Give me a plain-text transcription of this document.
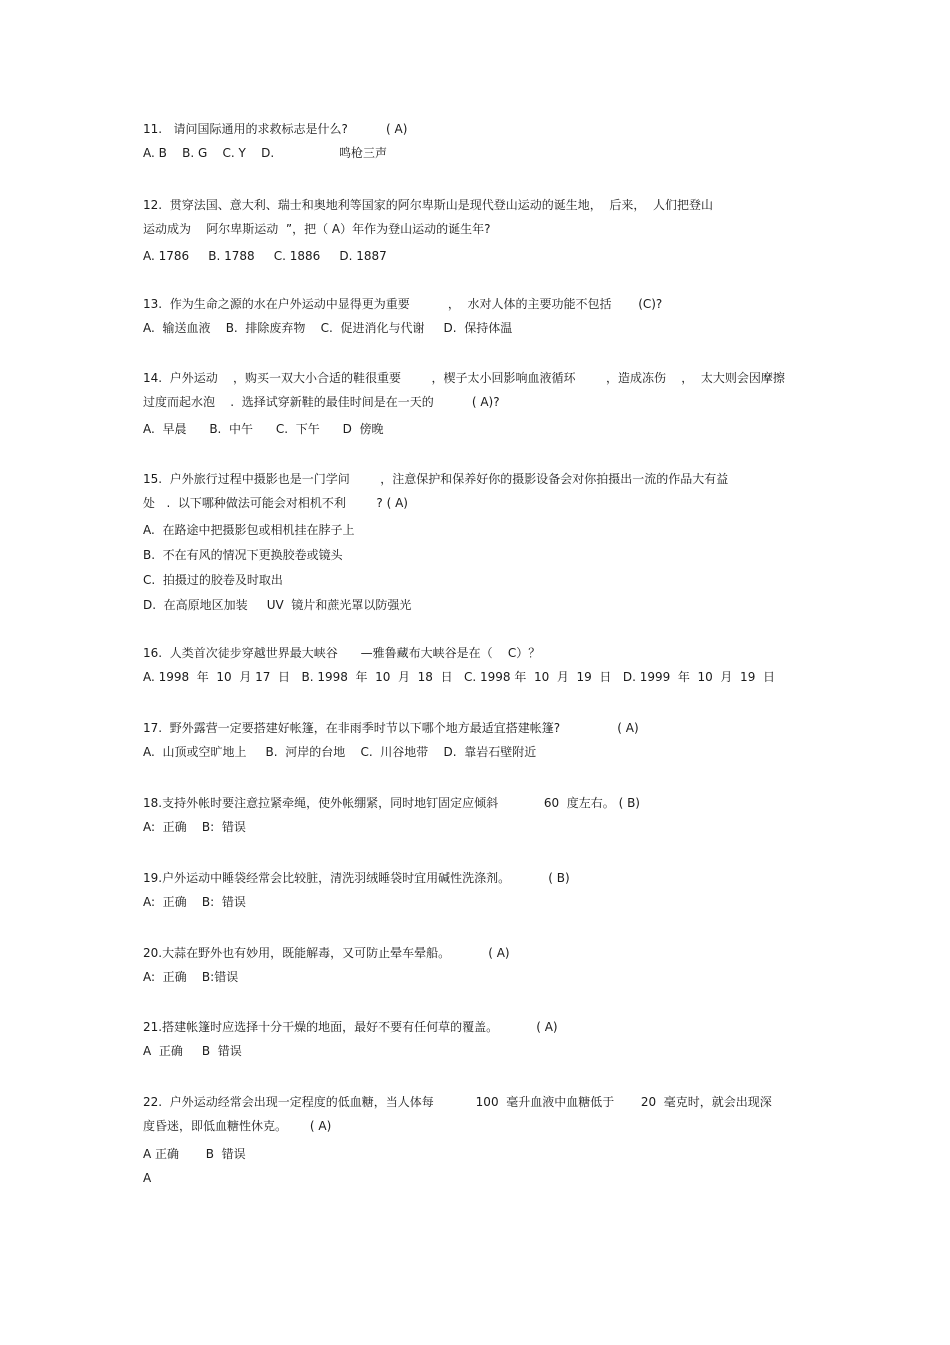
11.   请问国际通用的求救标志是什么?          ( A)
A. B    B. G    C. Y    D.                 鸣枪三声
12.  贯穿法国、意大利、瑞士和奥地利等国家的阿尔卑斯山是现代登山运动的诞生地，  后来，  人们把登山
运动成为    阿尔卑斯运动  ”，把（ A）年作为登山运动的诞生年?
A. 1786     B. 1788     C. 1886     D. 1887
13.  作为生命之源的水在户外运动中显得更为重要          ，  水对人体的主要功能不包括       (C)?
A.  输送血液    B.  排除废弃物    C.  促进消化与代谢     D.  保持体温
14.  户外运动    ，购买一双大小合适的鞋很重要        ，楔子太小回影响血液循环        ，造成冻伤    ，  太大则会因摩擦
过度而起水泡    .  选择试穿新鞋的最佳时间是在一天的          ( A)?
A.  早晨      B.  中午      C.  下午      D  傍晚
15.  户外旅行过程中摄影也是一门学问        ，注意保护和保养好你的摄影设备会对你拍摄出一流的作品大有益
处   .  以下哪种做法可能会对相机不利        ? ( A)
A.  在路途中把摄影包或相机挂在脖子上
B.  不在有风的情况下更换胶卷或镜头
C.  拍摄过的胶卷及时取出
D.  在高原地区加装     UV  镜片和蔗光罩以防强光
16.  人类首次徒步穿越世界最大峡谷      —雅鲁藏布大峡谷是在（    C）？
A. 1998  年  10  月 17  日   B. 1998  年  10  月  18  日   C. 1998 年  10  月  19  日   D. 1999  年  10  月  19  日
17.  野外露营一定要搭建好帐篷，在非雨季时节以下哪个地方最适宜搭建帐篷?               ( A)
A.  山顶或空旷地上     B.  河岸的台地    C.  川谷地带    D.  靠岩石壁附近
18.支持外帐时要注意拉紧牵绳，使外帐绷紧，同时地钉固定应倾斜            60  度左右。 ( B)
A:  正确    B:  错误
19.户外运动中睡袋经常会比较脏，清洗羽绒睡袋时宜用碱性洗涤剂。          ( B)
A:  正确    B:  错误
20.大蒜在野外也有妙用，既能解毒，又可防止晕车晕船。          ( A)
A:  正确    B:错误
21.搭建帐篷时应选择十分干燥的地面，最好不要有任何草的覆盖。          ( A)
A  正确     B  错误
22.  户外运动经常会出现一定程度的低血糖，当人体每           100  毫升血液中血糖低于       20  毫克时，就会出现深
度昏迷，即低血糖性休克。      ( A)
A 正确       B  错误
A
